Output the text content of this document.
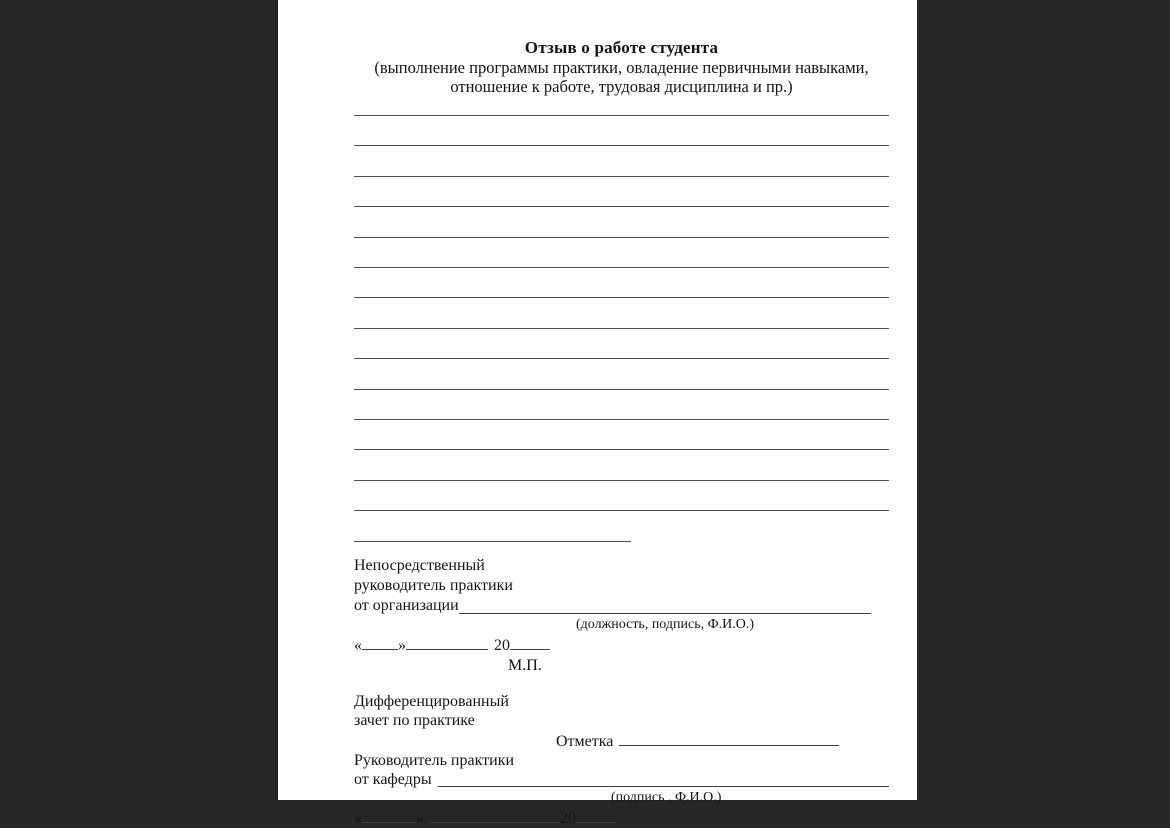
Отзыв о работе студента
(выполнение программы практики, овладение первичными навыками,
отношение к работе, трудовая дисциплина и пр.)
Непосредственный
руководитель практики
от организации
(должность, подпись, Ф.И.О.)
« »	20
М.П.
Дифференцированный
зачет по практике
Отметка
Руководитель практики
от кафедры
(подпись , Ф.И.О.)
«	»	20
